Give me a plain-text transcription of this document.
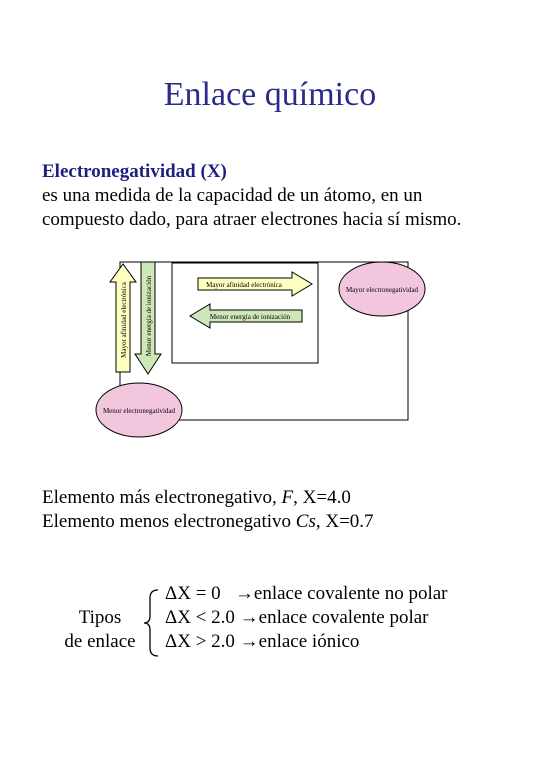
Enlace químico
Electronegatividad (X)
es una medida de la capacidad de un átomo, en un
compuesto dado, para atraer electrones hacia sí mismo.
Mayor afinidad electrónica
Menor energía de ionización
Mayor afinidad electrónica Menor energía de ionización	Mayor electronegatividad
Menor electronegatividad
Elemento más electronegativo, F, X=4.0
Elemento menos electronegativo Cs, X=0.7
Tipos
de enlace
ΔX = 0 →enlace covalente no polar
ΔX < 2.0 →enlace covalente polar
ΔX > 2.0 →enlace iónico
